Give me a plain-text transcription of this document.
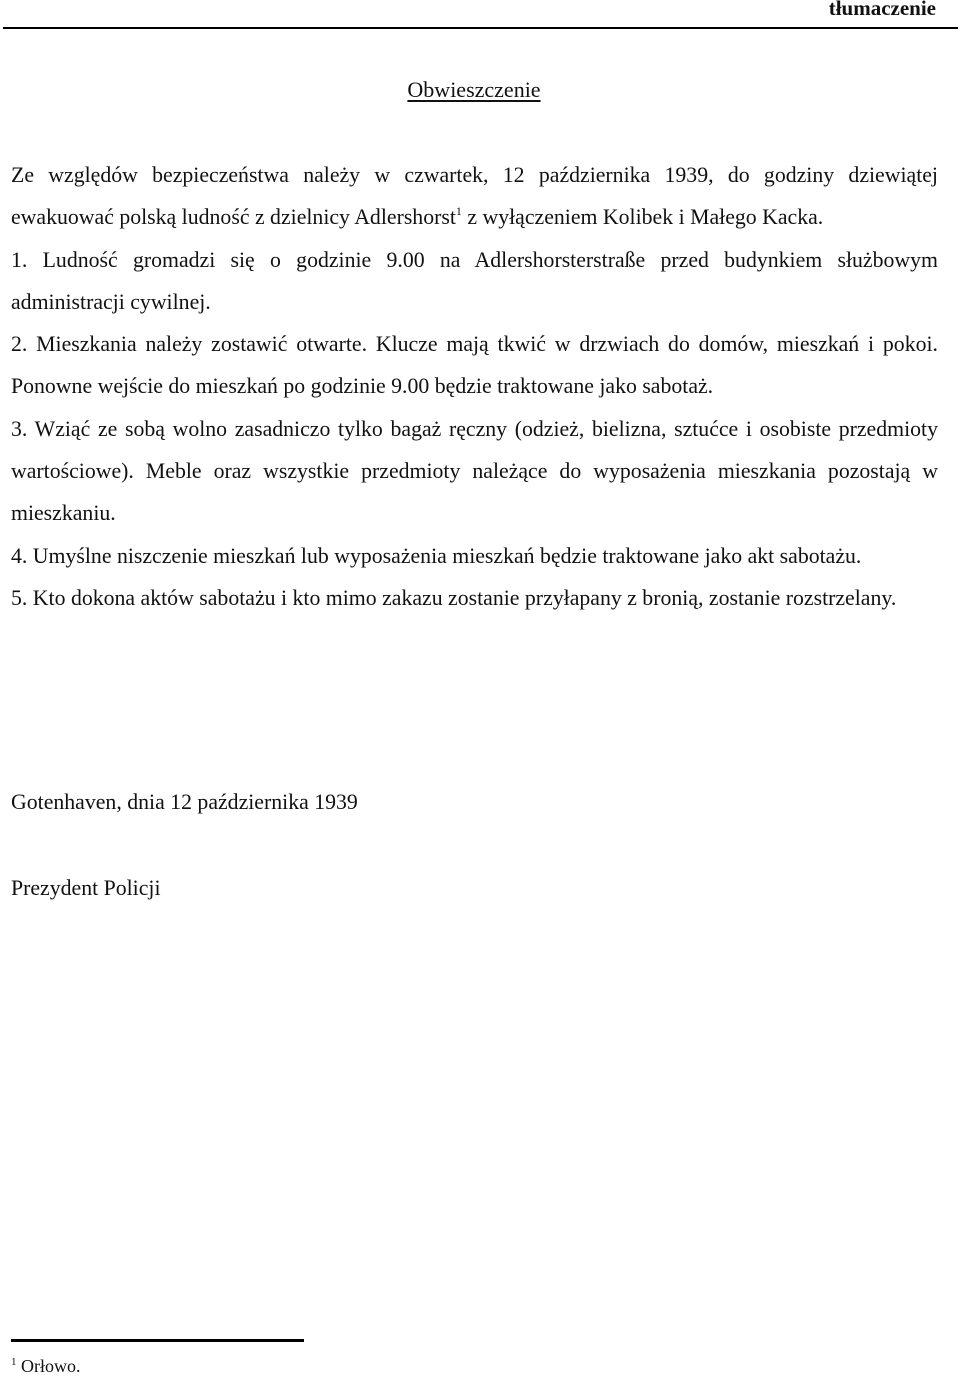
tłumaczenie
Obwieszczenie

Ze względów bezpieczeństwa należy w czwartek, 12 października 1939, do godziny dziewiątej ewakuować polską ludność z dzielnicy Adlershorst$^1$ z wyłączeniem Kolibek i Małego Kacka.

1. Ludność gromadzi się o godzinie 9.00 na Adlershorsterstraße przed budynkiem służbowym administracji cywilnej.

2. Mieszkania należy zostawić otwarte. Klucze mają tkwić w drzwiach do domów, mieszkań i pokoi. Ponowne wejście do mieszkań po godzinie 9.00 będzie traktowane jako sabotaż.

3. Wziąć ze sobą wolno zasadniczo tylko bagaż ręczny (odzież, bielizna, sztućce i osobiste przedmioty wartościowe). Meble oraz wszystkie przedmioty należące do wyposażenia mieszkania pozostają w mieszkaniu.

4. Umyślne niszczenie mieszkań lub wyposażenia mieszkań będzie traktowane jako akt sabotażu.

5. Kto dokona aktów sabotażu i kto mimo zakazu zostanie przyłapany z bronią, zostanie rozstrzelany.

Gotenhaven, dnia 12 października 1939
Prezydent Policji
$^1$ Orłowo.
